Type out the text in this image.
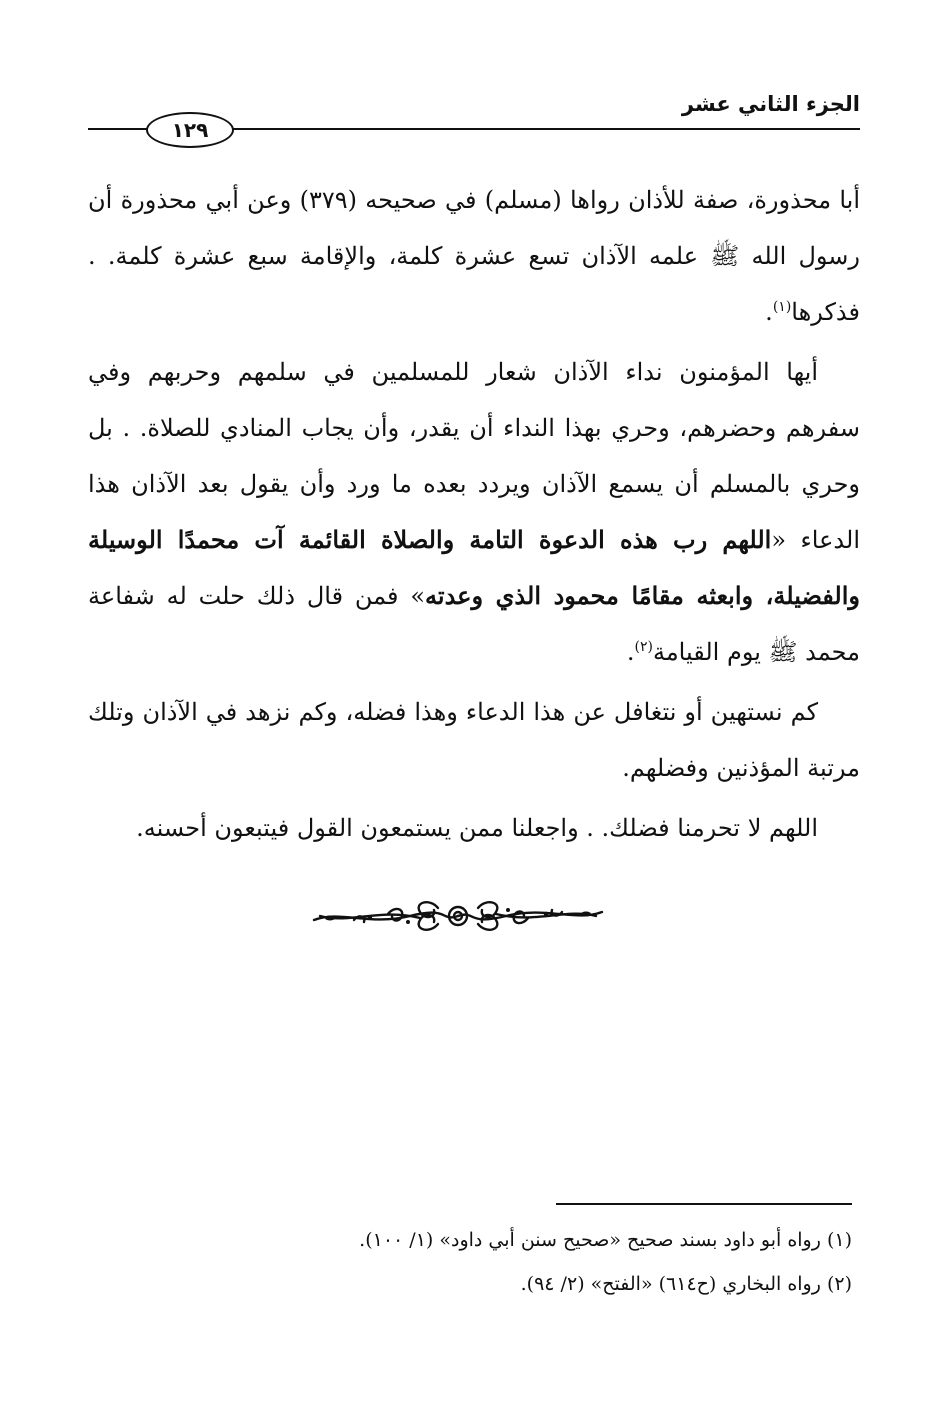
الجزء الثاني عشر
١٢٩

أبا محذورة، صفة للأذان رواها (مسلم) في صحيحه (٣٧٩) وعن أبي محذورة أن رسول الله ﷺ علمه الآذان تسع عشرة كلمة، والإقامة سبع عشرة كلمة. . فذكرها$^{(١)}$.

أيها المؤمنون نداء الآذان شعار للمسلمين في سلمهم وحربهم وفي سفرهم وحضرهم، وحري بهذا النداء أن يقدر، وأن يجاب المنادي للصلاة. . بل وحري بالمسلم أن يسمع الآذان ويردد بعده ما ورد وأن يقول بعد الآذان هذا الدعاء «اللهم رب هذه الدعوة التامة والصلاة القائمة آت محمدًا الوسيلة والفضيلة، وابعثه مقامًا محمود الذي وعدته» فمن قال ذلك حلت له شفاعة محمد ﷺ يوم القيامة$^{(٢)}$.

كم نستهين أو نتغافل عن هذا الدعاء وهذا فضله، وكم نزهد في الآذان وتلك مرتبة المؤذنين وفضلهم.

اللهم لا تحرمنا فضلك. . واجعلنا ممن يستمعون القول فيتبعون أحسنه.

(١) رواه أبو داود بسند صحيح «صحيح سنن أبي داود» (١/ ١٠٠).
(٢) رواه البخاري (ح٦١٤) «الفتح» (٢/ ٩٤).
